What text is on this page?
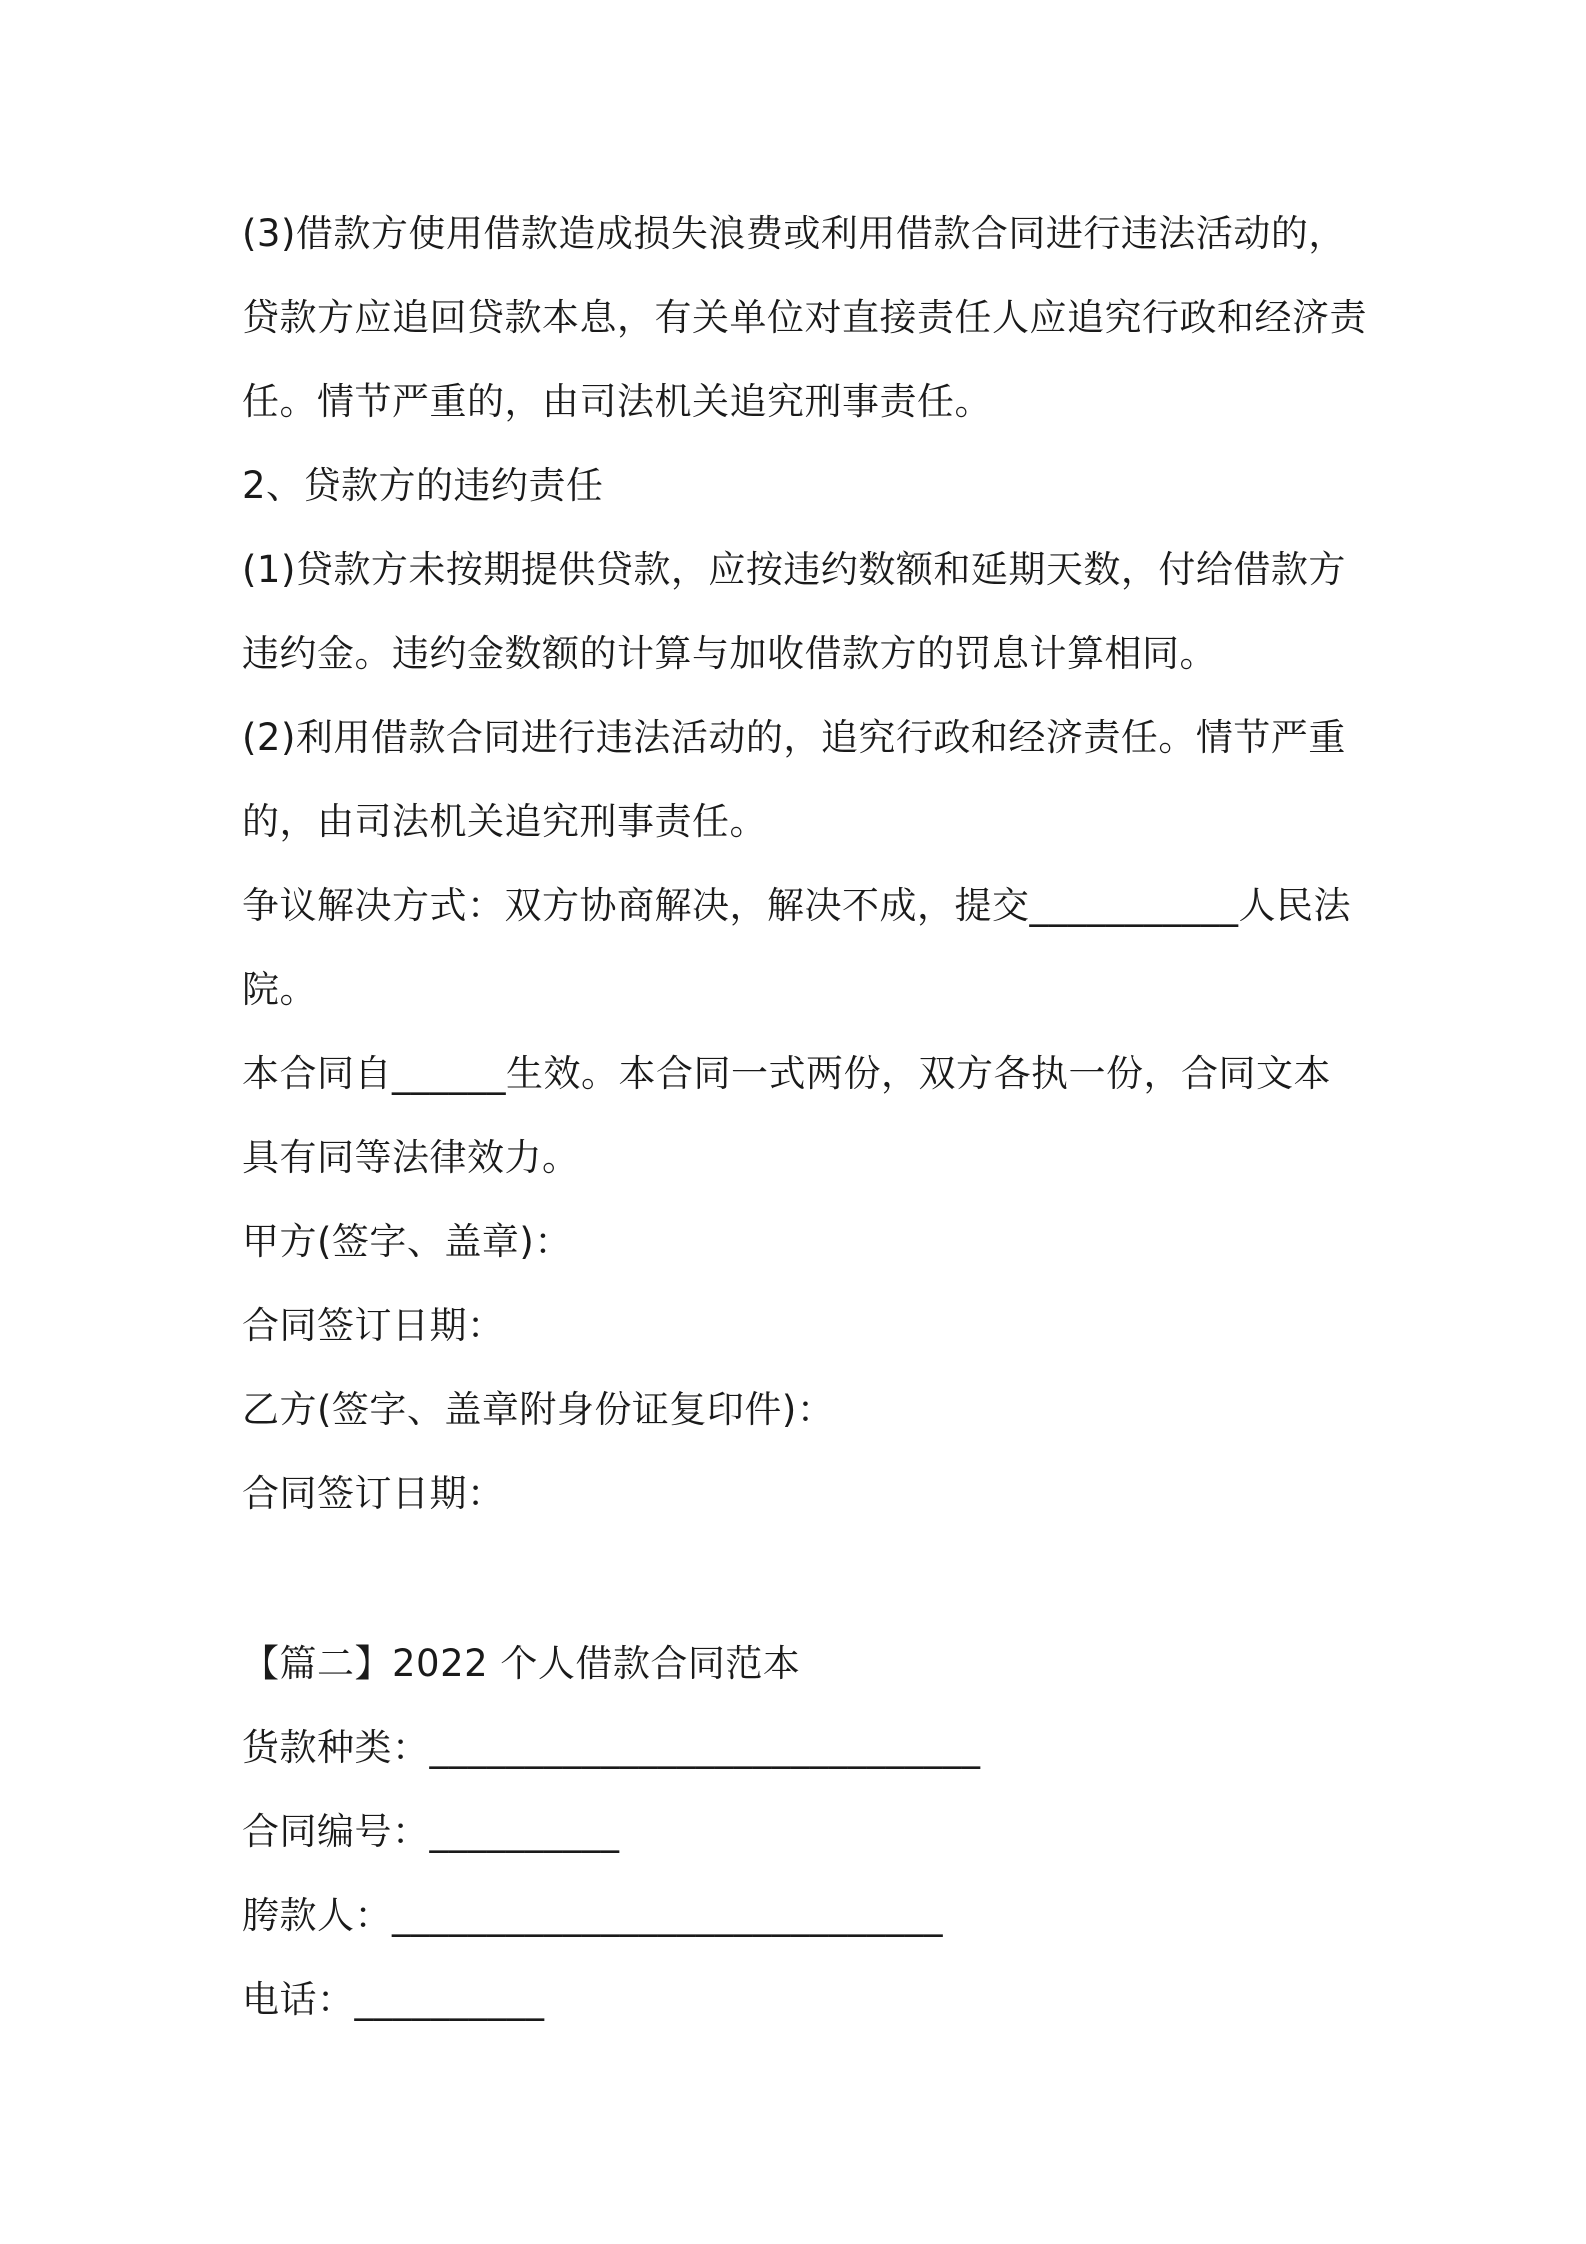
(3)借款方使用借款造成损失浪费或利用借款合同进行违法活动的，
贷款方应追回贷款本息，有关单位对直接责任人应追究行政和经济责
任。情节严重的，由司法机关追究刑事责任。
2、贷款方的违约责任
(1)贷款方未按期提供贷款，应按违约数额和延期天数，付给借款方
违约金。违约金数额的计算与加收借款方的罚息计算相同。
(2)利用借款合同进行违法活动的，追究行政和经济责任。情节严重
的，由司法机关追究刑事责任。
争议解决方式：双方协商解决，解决不成，提交___________人民法
院。
本合同自______生效。本合同一式两份，双方各执一份，合同文本
具有同等法律效力。
甲方(签字、盖章)：
合同签订日期：
乙方(签字、盖章附身份证复印件)：
合同签订日期：
【篇二】2022 个人借款合同范本
货款种类：_____________________________
合同编号：__________
胯款人：_____________________________
电话：__________
